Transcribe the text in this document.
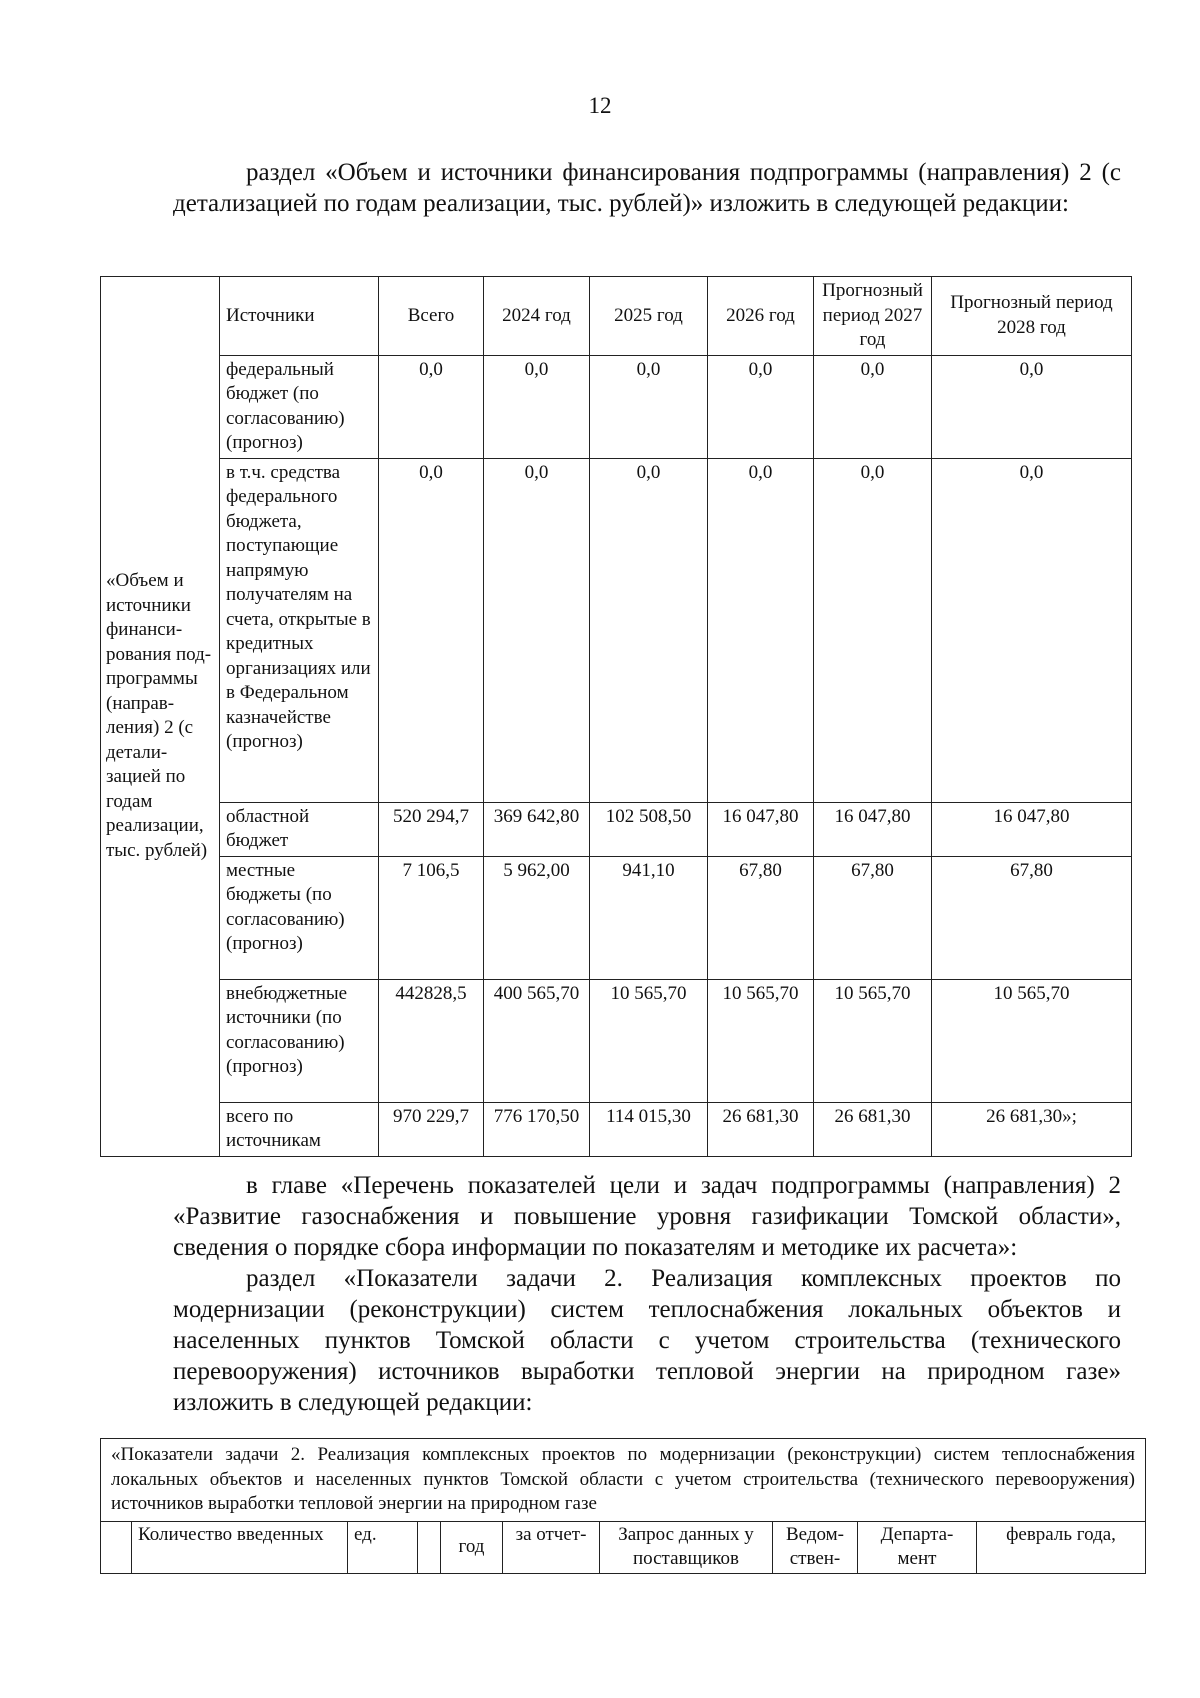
12

раздел «Объем и источники финансирования подпрограммы (направления) 2 (с детализацией по годам реализации, тыс. рублей)» изложить в следующей редакции:

«Объем и источники финанси-рования под-программы (направ-ления) 2 (с детали-зацией по годам реализации, тыс. рублей)	Источники	Всего	2024 год	2025 год	2026 год	Прогнозный период 2027 год	Прогнозный период 2028 год
	федеральный бюджет (по согласованию) (прогноз)	0,0	0,0	0,0	0,0	0,0	0,0
	в т.ч. средства федерального бюджета, поступающие напрямую получателям на счета, открытые в кредитных организациях или в Федеральном казначействе (прогноз)	0,0	0,0	0,0	0,0	0,0	0,0
	областной бюджет	520 294,7	369 642,80	102 508,50	16 047,80	16 047,80	16 047,80
	местные бюджеты (по согласованию) (прогноз)	7 106,5	5 962,00	941,10	67,80	67,80	67,80
	внебюджетные источники (по согласованию) (прогноз)	442828,5	400 565,70	10 565,70	10 565,70	10 565,70	10 565,70
	всего по источникам	970 229,7	776 170,50	114 015,30	26 681,30	26 681,30	26 681,30»;

в главе «Перечень показателей цели и задач подпрограммы (направления) 2 «Развитие газоснабжения и повышение уровня газификации Томской области», сведения о порядке сбора информации по показателям и методике их расчета»:

раздел «Показатели задачи 2. Реализация комплексных проектов по модернизации (реконструкции) систем теплоснабжения локальных объектов и населенных пунктов Томской области с учетом строительства (технического перевооружения) источников выработки тепловой энергии на природном газе» изложить в следующей редакции:

«Показатели задачи 2. Реализация комплексных проектов по модернизации (реконструкции) систем теплоснабжения локальных объектов и населенных пунктов Томской области с учетом строительства (технического перевооружения) источников выработки тепловой энергии на природном газе
	Количество введенных	ед.		год	за отчет-	Запрос данных у поставщиков	Ведом-ствен-	Департа-мент	февраль года,
